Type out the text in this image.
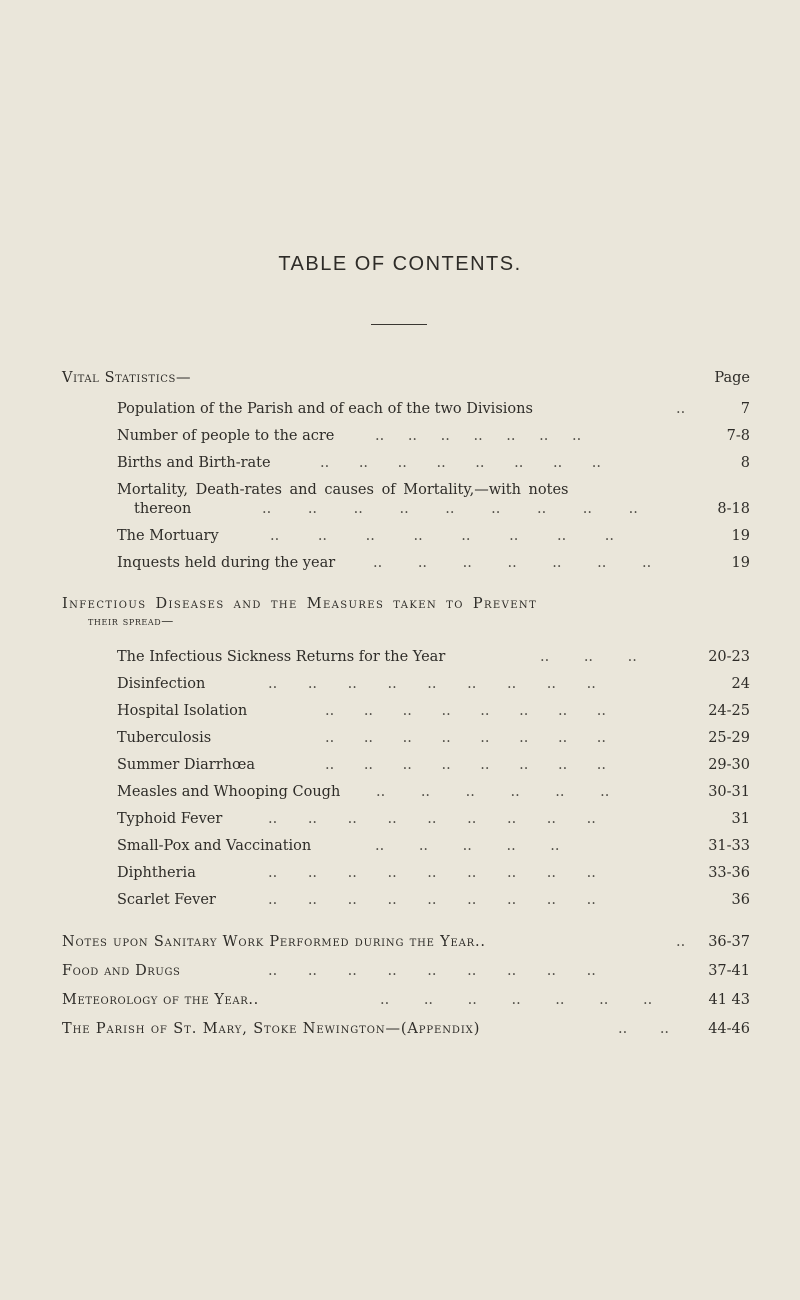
TABLE OF CONTENTS.
Vital Statistics—	Page
Population of the Parish and of each of the two Divisions	..	7
Number of people to the acre	.. .. .. .. .. .. ..	7-8
Births and Birth-rate	.. .. .. .. .. .. .. ..	8
Mortality, Death-rates and causes of Mortality,—with notes
thereon	.. .. .. .. .. .. .. .. ..	8-18
The Mortuary	.. .. .. .. .. .. .. ..	19
Inquests held during the year	.. .. .. .. .. .. ..	19
Infectious Diseases and the Measures taken to Prevent
their spread—
The Infectious Sickness Returns for the Year	.. .. ..	20-23
Disinfection	.. .. .. .. .. .. .. .. ..	24
Hospital Isolation	.. .. .. .. .. .. .. ..	24-25
Tuberculosis	.. .. .. .. .. .. .. ..	25-29
Summer Diarrhœa	.. .. .. .. .. .. .. ..	29-30
Measles and Whooping Cough .. .. .. .. .. ..	30-31
Typhoid Fever	.. .. .. .. .. .. .. .. ..	31
Small-Pox and Vaccination	.. .. .. .. ..	31-33
Diphtheria	.. .. .. .. .. .. .. .. ..	33-36
Scarlet Fever	.. .. .. .. .. .. .. .. ..	36
Notes upon Sanitary Work Performed during the Year..	.. 36-37
Food and Drugs	.. .. .. .. .. .. .. .. ..	37-41
Meteorology of the Year..	.. .. .. .. .. .. ..	41 43
The Parish of St. Mary, Stoke Newington—(Appendix)	.. ..	44-46
